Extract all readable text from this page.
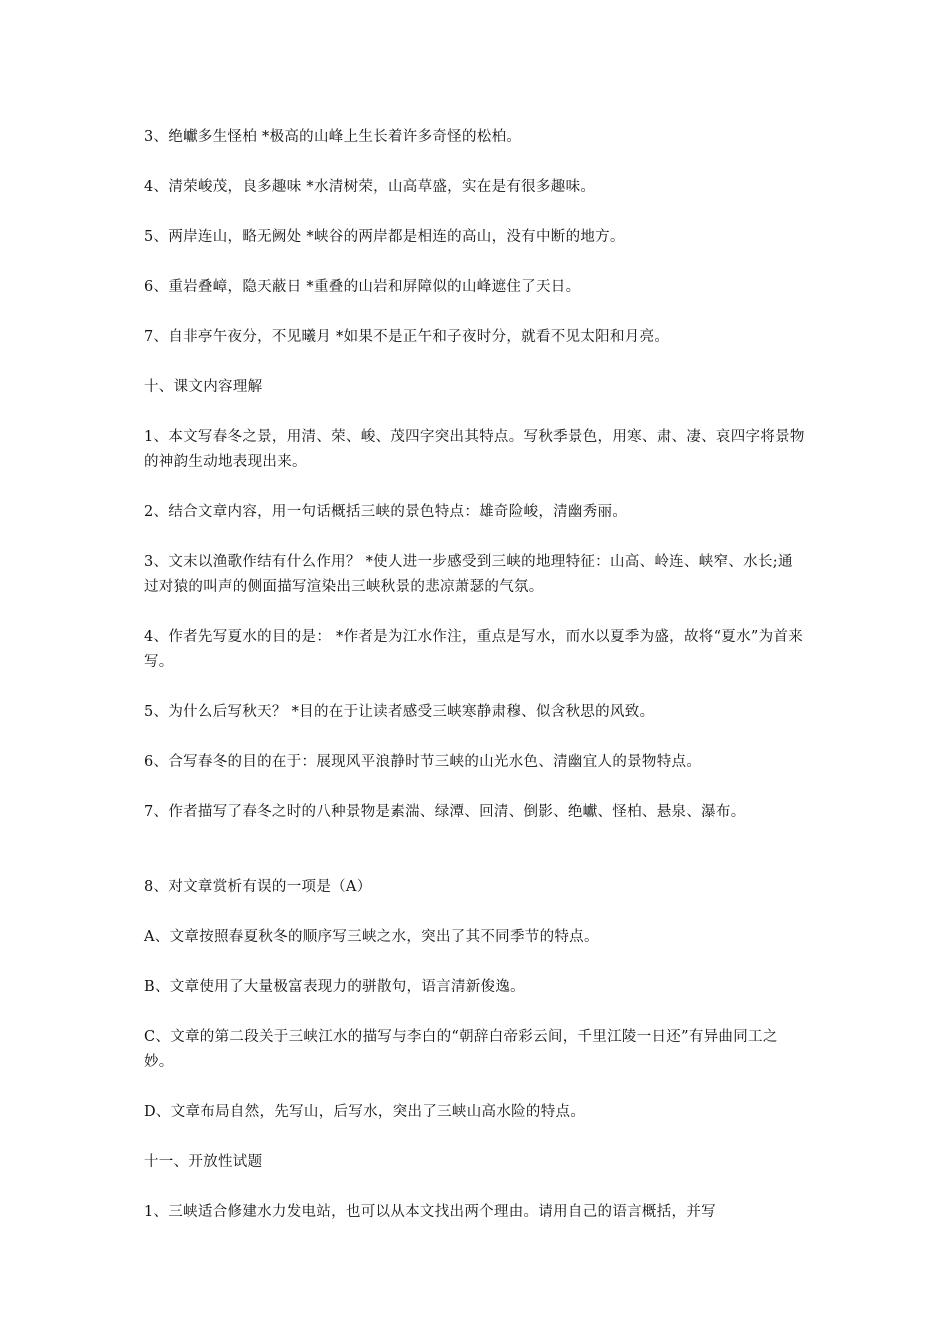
3、绝巘多生怪柏 *极高的山峰上生长着许多奇怪的松柏。
4、清荣峻茂，良多趣味 *水清树荣，山高草盛，实在是有很多趣味。
5、两岸连山，略无阙处 *峡谷的两岸都是相连的高山，没有中断的地方。
6、重岩叠嶂，隐天蔽日 *重叠的山岩和屏障似的山峰遮住了天日。
7、自非亭午夜分，不见曦月 *如果不是正午和子夜时分，就看不见太阳和月亮。
十、课文内容理解
1、本文写春冬之景，用清、荣、峻、茂四字突出其特点。写秋季景色，用寒、肃、凄、哀四字将景物的神韵生动地表现出来。
2、结合文章内容，用一句话概括三峡的景色特点：雄奇险峻，清幽秀丽。
3、文末以渔歌作结有什么作用？ *使人进一步感受到三峡的地理特征：山高、岭连、峡窄、水长;通过对猿的叫声的侧面描写渲染出三峡秋景的悲凉萧瑟的气氛。
4、作者先写夏水的目的是： *作者是为江水作注，重点是写水，而水以夏季为盛，故将“夏水”为首来写。
5、为什么后写秋天？ *目的在于让读者感受三峡寒静肃穆、似含秋思的风致。
6、合写春冬的目的在于：展现风平浪静时节三峡的山光水色、清幽宜人的景物特点。
7、作者描写了春冬之时的八种景物是素湍、绿潭、回清、倒影、绝巘、怪柏、悬泉、瀑布。
8、对文章赏析有误的一项是（A）
A、文章按照春夏秋冬的顺序写三峡之水，突出了其不同季节的特点。
B、文章使用了大量极富表现力的骈散句，语言清新俊逸。
C、文章的第二段关于三峡江水的描写与李白的“朝辞白帝彩云间，千里江陵一日还”有异曲同工之妙。
D、文章布局自然，先写山，后写水，突出了三峡山高水险的特点。
十一、开放性试题
1、三峡适合修建水力发电站，也可以从本文找出两个理由。请用自己的语言概括，并写
